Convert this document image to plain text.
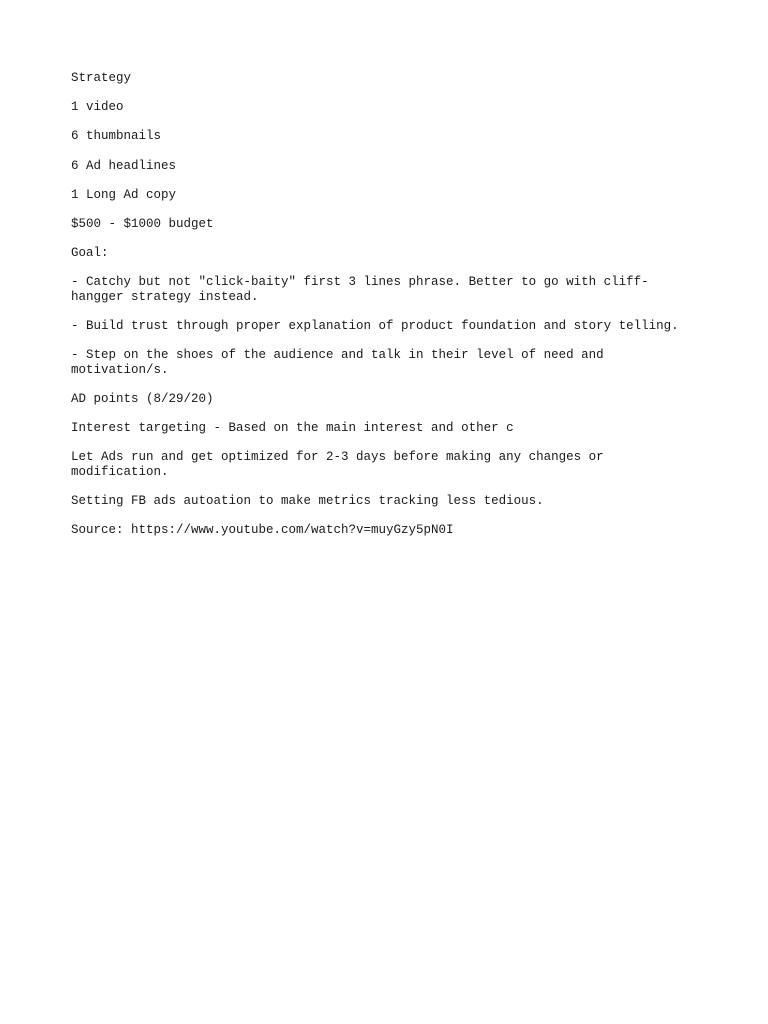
Strategy

1 video

6 thumbnails

6 Ad headlines

1 Long Ad copy

$500 - $1000 budget

Goal:

- Catchy but not "click-baity" first 3 lines phrase. Better to go with cliff-
hangger strategy instead.

- Build trust through proper explanation of product foundation and story telling.

- Step on the shoes of the audience and talk in their level of need and
motivation/s.

AD points (8/29/20)

Interest targeting - Based on the main interest and other c

Let Ads run and get optimized for 2-3 days before making any changes or
modification.

Setting FB ads autoation to make metrics tracking less tedious.

Source: https://www.youtube.com/watch?v=muyGzy5pN0I
